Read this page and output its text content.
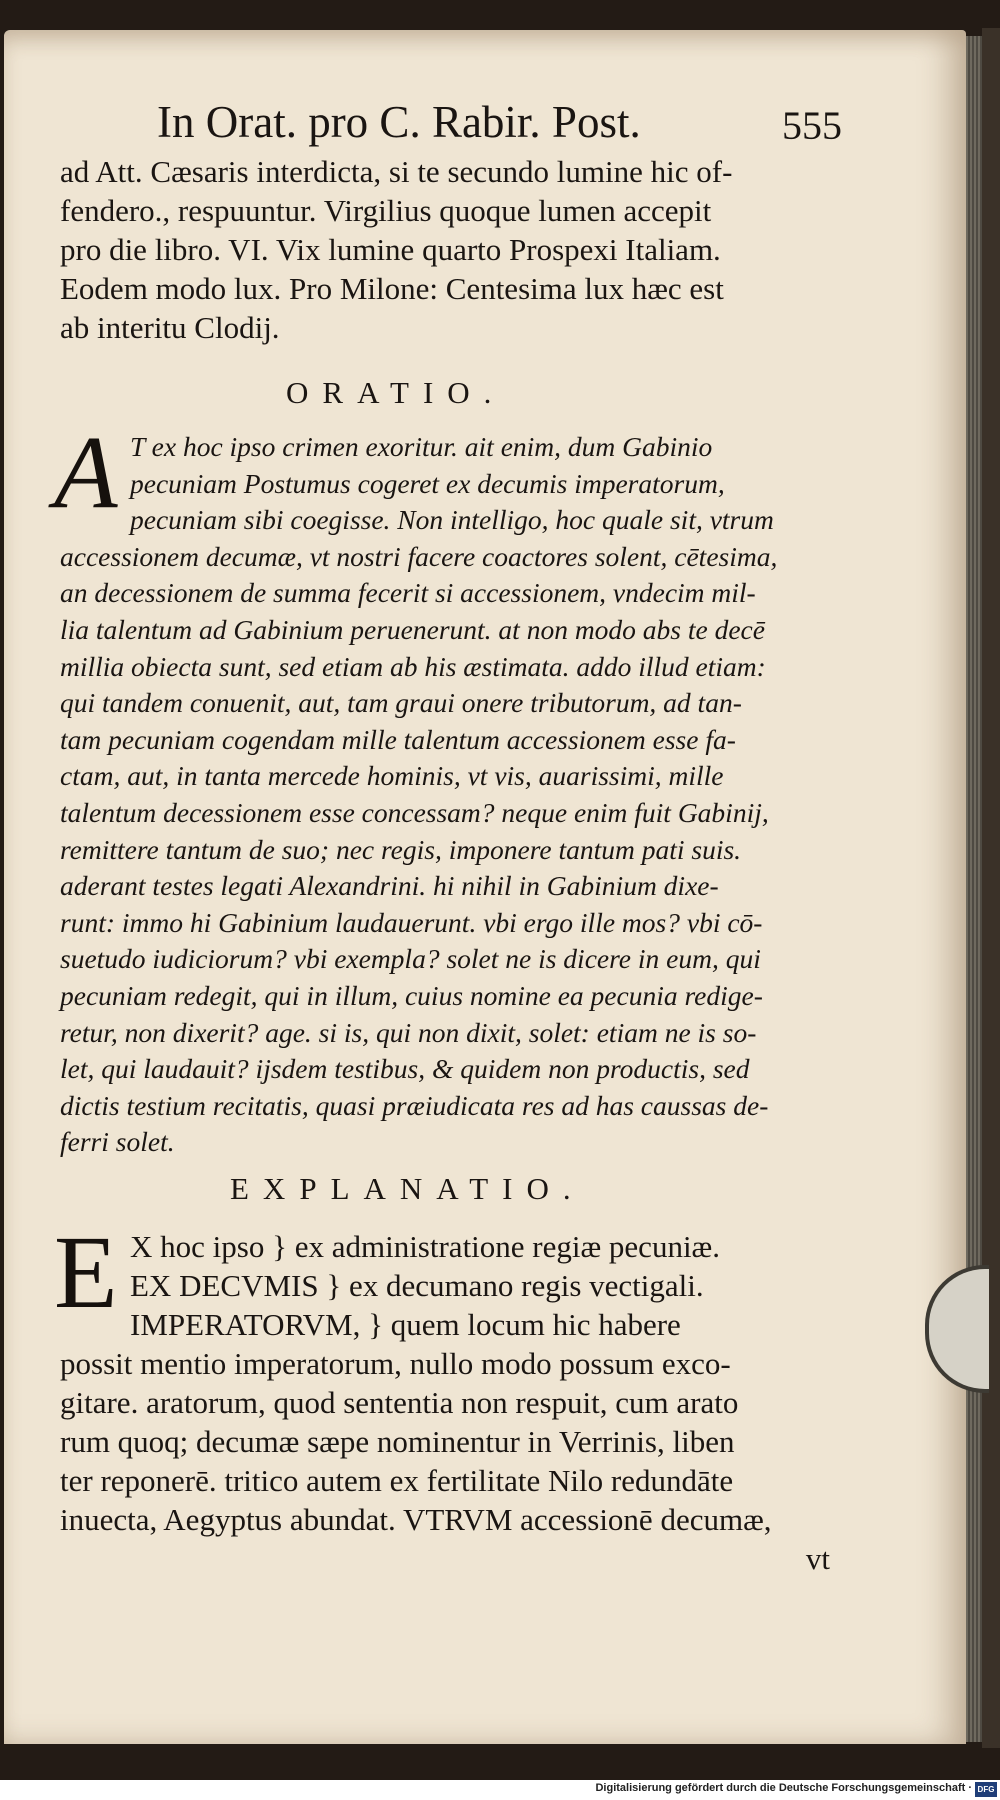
In Orat. pro C. Rabir. Post.	555
ad Att. Cæsaris interdicta, si te secundo lumine hic of-
fendero., respuuntur. Virgilius quoque lumen accepit
pro die libro. VI. Vix lumine quarto Prospexi Italiam.
Eodem modo lux. Pro Milone: Centesima lux hæc est
ab interitu Clodij.
ORATIO.
A T ex hoc ipso crimen exoritur. ait enim, dum Gabinio
pecuniam Postumus cogeret ex decumis imperatorum,
pecuniam sibi coegisse. Non intelligo, hoc quale sit, vtrum
accessionem decumæ, vt nostri facere coactores solent, cētesima,
an decessionem de summa fecerit si accessionem, vndecim mil-
lia talentum ad Gabinium peruenerunt. at non modo abs te decē
millia obiecta sunt, sed etiam ab his æstimata. addo illud etiam:
qui tandem conuenit, aut, tam graui onere tributorum, ad tan-
tam pecuniam cogendam mille talentum accessionem esse fa-
ctam, aut, in tanta mercede hominis, vt vis, auarissimi, mille
talentum decessionem esse concessam? neque enim fuit Gabinij,
remittere tantum de suo; nec regis, imponere tantum pati suis.
aderant testes legati Alexandrini. hi nihil in Gabinium dixe-
runt: immo hi Gabinium laudauerunt. vbi ergo ille mos? vbi cō-
suetudo iudiciorum? vbi exempla? solet ne is dicere in eum, qui
pecuniam redegit, qui in illum, cuius nomine ea pecunia redige-
retur, non dixerit? age. si is, qui non dixit, solet: etiam ne is so-
let, qui laudauit? ijsdem testibus, & quidem non productis, sed
dictis testium recitatis, quasi præiudicata res ad has caussas de-
ferri solet.
EXPLANATIO.
E X hoc ipso } ex administratione regiæ pecuniæ.
EX DECVMIS } ex decumano regis vectigali.
IMPERATORVM, } quem locum hic habere
possit mentio imperatorum, nullo modo possum exco-
gitare. aratorum, quod sententia non respuit, cum arato
rum quoq; decumæ sæpe nominentur in Verrinis, liben
ter reponerē. tritico autem ex fertilitate Nilo redundāte
inuecta, Aegyptus abundat. VTRVM accessionē decumæ,
vt
Digitalisierung gefördert durch die Deutsche Forschungsgemeinschaft · DFG
